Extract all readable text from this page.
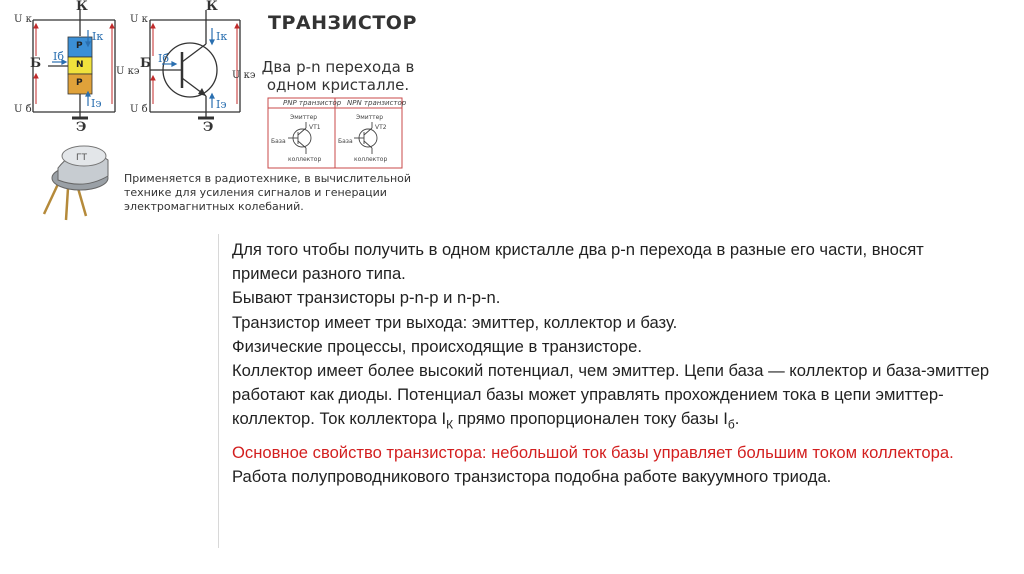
ГТ
К
Б
Э
U к
U б
U кэ
P
N
P
Iк
Iб
Iэ
К
Б
Э
U к
U б
U кэ
Iк
Iб
Iэ	PNP транзистор NPN транзистор
Эмиттер	Эмиттер
VT1	VT2
База	База
коллектор	коллектор
ТРАНЗИСТОР
Два p-n перехода в одном кристалле.
Применяется в радиотехнике, в вычислительной технике для усиления сигналов и генерации электромагнитных колебаний.

Для того чтобы получить в одном кристалле два p-n перехода в разные его части, вносят примеси разного типа.

Бывают транзисторы p-n-p и n-p-n.

Транзистор имеет три выхода: эмиттер, коллектор и базу.

Физические процессы, происходящие в транзисторе.

Коллектор имеет более высокий потенциал, чем эмиттер. Цепи база — коллектор и база-эмиттер работают как диоды. Потенциал базы может управлять прохождением тока в цепи эмиттер-коллектор. Ток коллектора $I_К$ прямо пропорционален току базы $I_б$.

Основное свойство транзистора: небольшой ток базы управляет большим током коллектора.

Работа полупроводникового транзистора подобна работе вакуумного триода.
